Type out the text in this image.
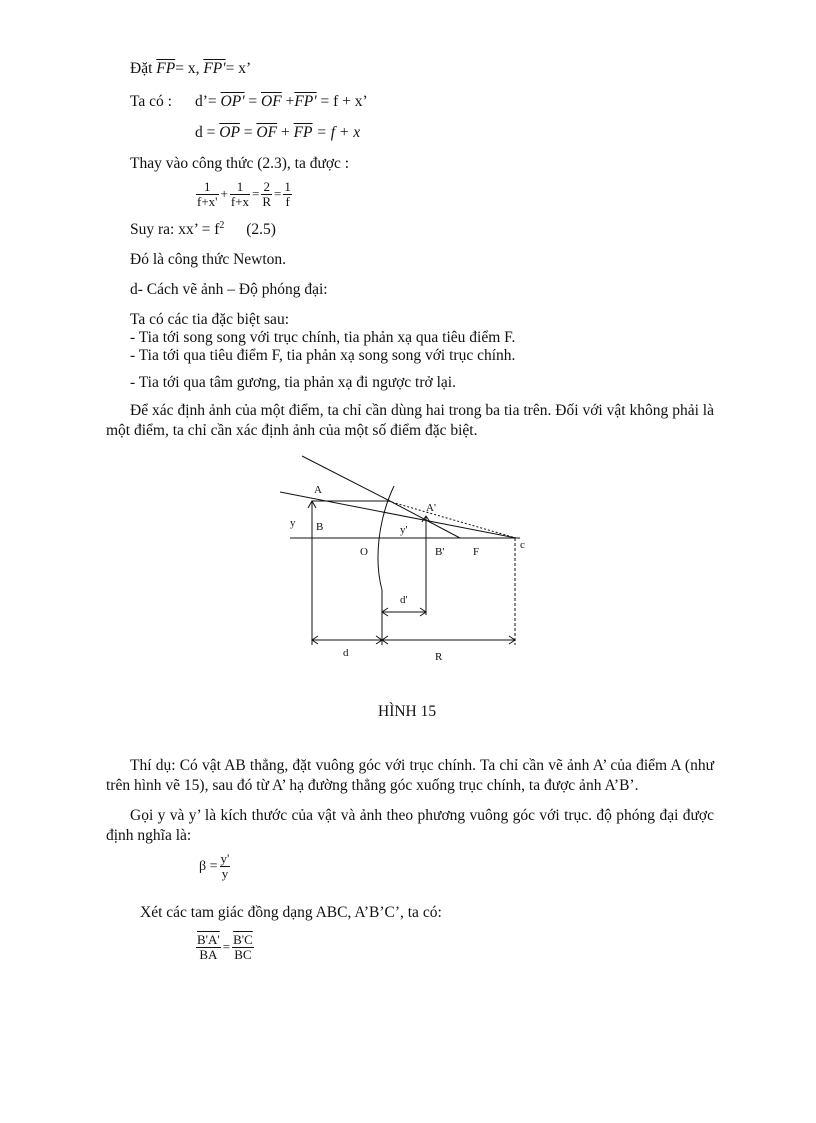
Đặt $\overline{FP}= x$, FP'= x’
Ta có : d’= $OP' = \overline{OF} +FP' = f + x$’
$d = \overline{OP} = \overline{OF} + \overline{FP} = f + x$
Thay vào công thức (2.3), ta được :
$\frac{1}{f+x'} + \frac{1}{f+x} = \frac{2}{R} = \frac{1}{f}$
Suy ra: xx’ = $f^2$ (2.5)
Đó là công thức Newton.
d- Cách vẽ ảnh – Độ phóng đại:
Ta có các tia đặc biệt sau:
- Tia tới song song với trục chính, tia phản xạ qua tiêu điểm F.
- Tia tới qua tiêu điểm F, tia phản xạ song song với trục chính.
- Tia tới qua tâm gương, tia phản xạ đi ngược trở lại.
Để xác định ảnh của một điểm, ta chỉ cần dùng hai trong ba tia trên. Đối với vật không phải là một điểm, ta chỉ cần xác định ảnh của một số điểm đặc biệt.
A
A'
y B	y'
O	B'	F
c
d'
d	R
HÌNH 15
Thí dụ: Có vật AB thẳng, đặt vuông góc với trục chính. Ta chỉ cần vẽ ảnh A’ của điểm A (như trên hình vẽ 15), sau đó từ A’ hạ đường thẳng góc xuống trục chính, ta được ảnh A’B’.
Gọi y và y’ là kích thước của vật và ảnh theo phương vuông góc với trục. độ phóng đại được định nghĩa là:
$\beta = \frac{y'}{y}$
Xét các tam giác đồng dạng ABC, A’B’C’, ta có:
$\frac{B'A'}{BA} = \frac{B'C}{BC}$
